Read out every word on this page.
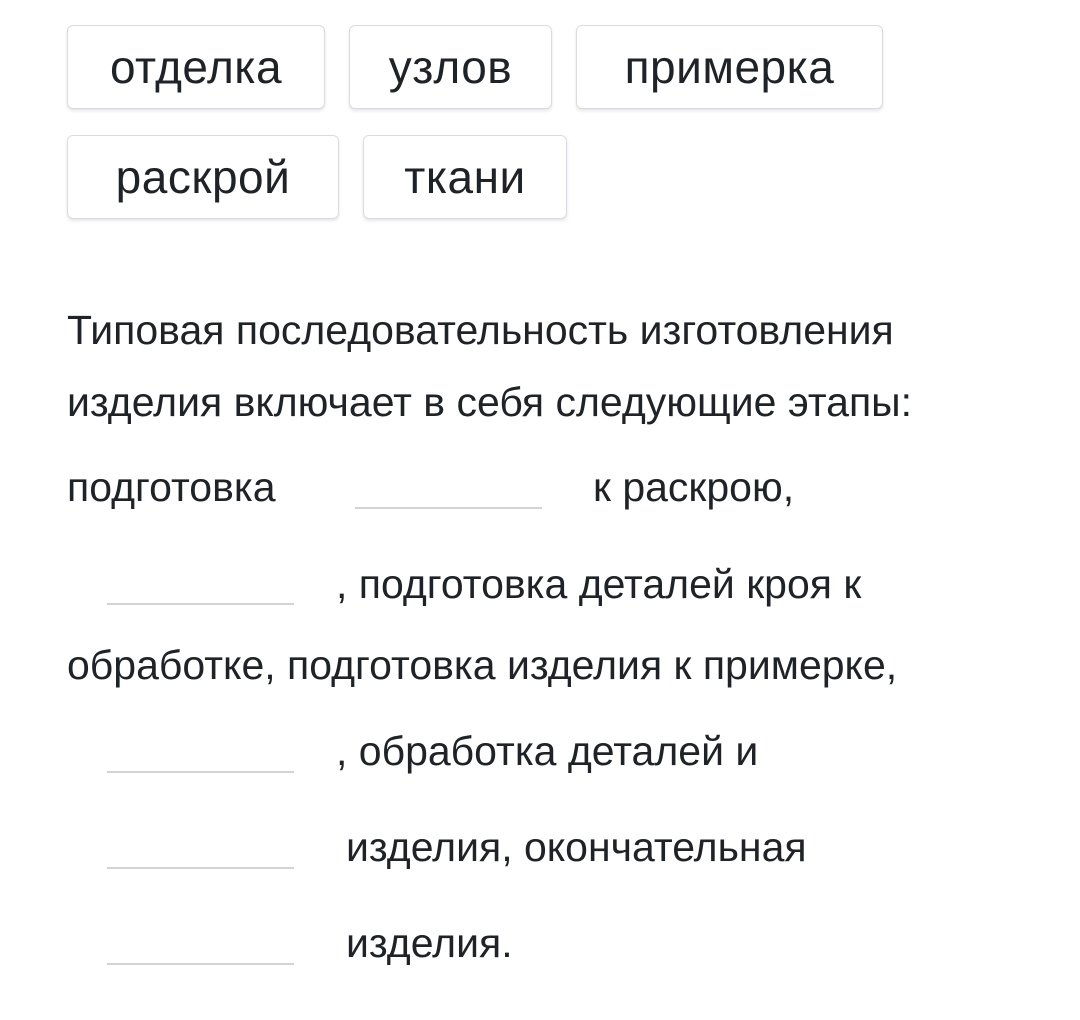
отделка	узлов	примерка
раскрой	ткани
Типовая последовательность изготовления
изделия включает в себя следующие этапы:
подготовка	к раскрою,
, подготовка деталей кроя к
обработке, подготовка изделия к примерке,
, обработка деталей и
изделия, окончательная
изделия.
